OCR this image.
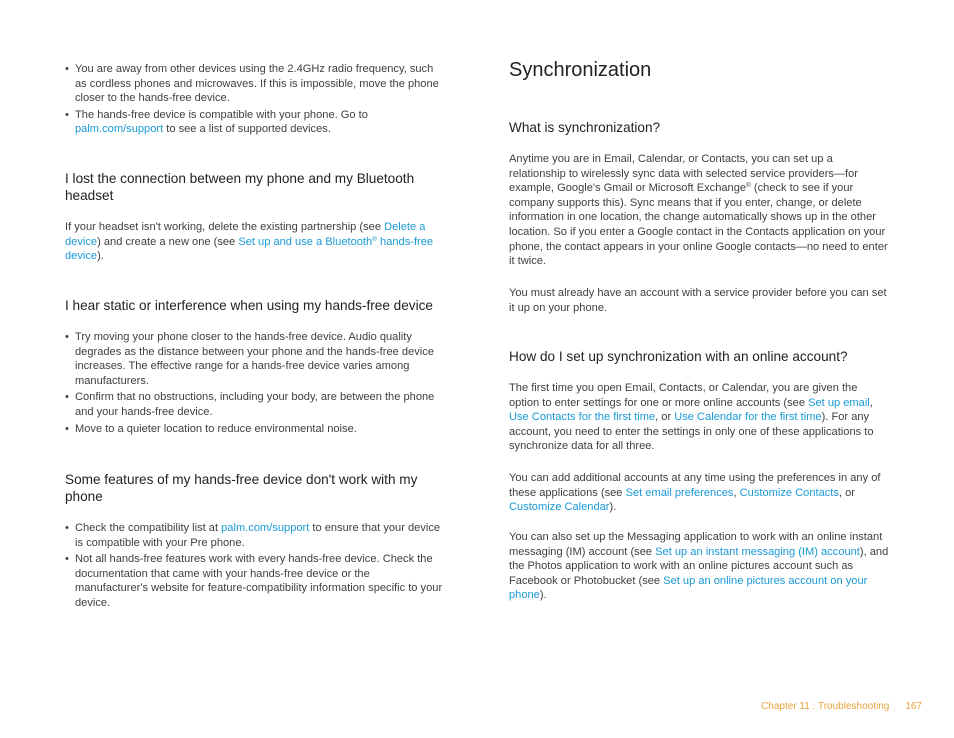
• You are away from other devices using the 2.4GHz radio frequency, such as cordless phones and microwaves. If this is impossible, move the phone closer to the hands-free device.
• The hands-free device is compatible with your phone. Go to palm.com/support to see a list of supported devices.
I lost the connection between my phone and my Bluetooth headset
If your headset isn't working, delete the existing partnership (see Delete a device) and create a new one (see Set up and use a Bluetooth® hands-free device).
I hear static or interference when using my hands-free device
• Try moving your phone closer to the hands-free device. Audio quality degrades as the distance between your phone and the hands-free device increases. The effective range for a hands-free device varies among manufacturers.
• Confirm that no obstructions, including your body, are between the phone and your hands-free device.
• Move to a quieter location to reduce environmental noise.
Some features of my hands-free device don't work with my phone
• Check the compatibility list at palm.com/support to ensure that your device is compatible with your Pre phone.
• Not all hands-free features work with every hands-free device. Check the documentation that came with your hands-free device or the manufacturer's website for feature-compatibility information specific to your device.
Synchronization
What is synchronization?
Anytime you are in Email, Calendar, or Contacts, you can set up a relationship to wirelessly sync data with selected service providers—for example, Google's Gmail or Microsoft Exchange® (check to see if your company supports this). Sync means that if you enter, change, or delete information in one location, the change automatically shows up in the other location. So if you enter a Google contact in the Contacts application on your phone, the contact appears in your online Google contacts—no need to enter it twice.
You must already have an account with a service provider before you can set it up on your phone.
How do I set up synchronization with an online account?
The first time you open Email, Contacts, or Calendar, you are given the option to enter settings for one or more online accounts (see Set up email, Use Contacts for the first time, or Use Calendar for the first time). For any account, you need to enter the settings in only one of these applications to synchronize data for all three.
You can add additional accounts at any time using the preferences in any of these applications (see Set email preferences, Customize Contacts, or Customize Calendar).
You can also set up the Messaging application to work with an online instant messaging (IM) account (see Set up an instant messaging (IM) account), and the Photos application to work with an online pictures account such as Facebook or Photobucket (see Set up an online pictures account on your phone).
Chapter 11 : Troubleshooting 167
